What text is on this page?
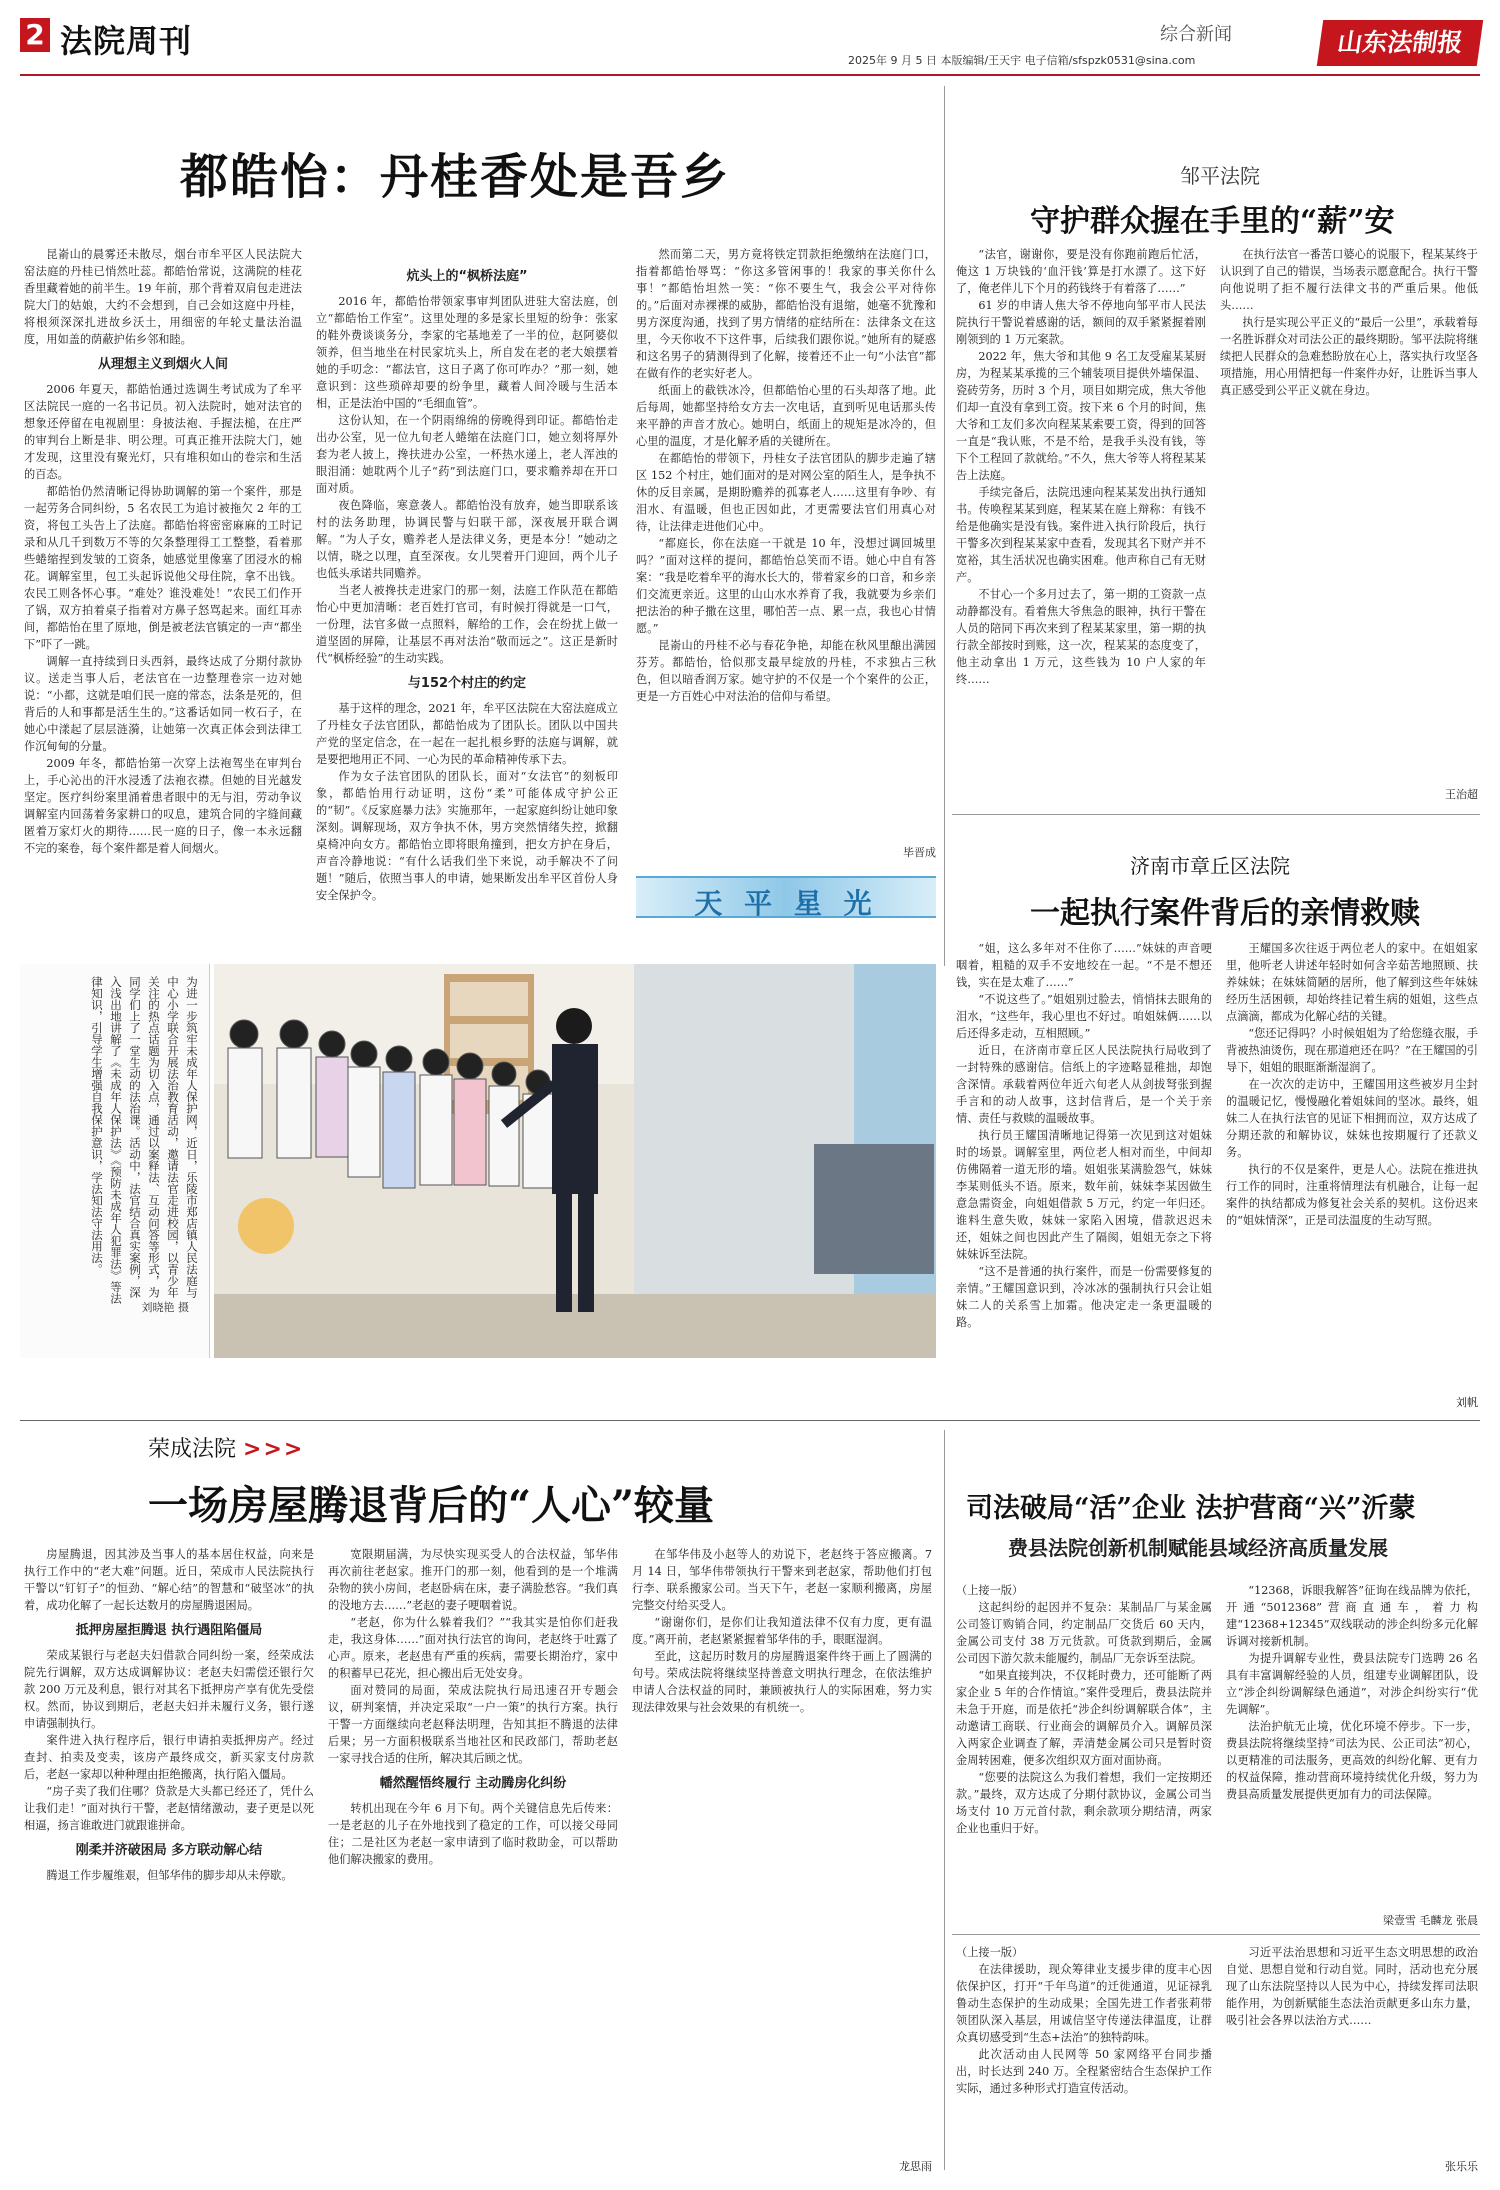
2 法院周刊	综合新闻
2025年 9 月 5 日 本版编辑/王天宇 电子信箱/sfspzk0531@sina.com
山东法制报
都皓怡：丹桂香处是吾乡

昆嵛山的晨雾还未散尽，烟台市牟平区人民法院大窑法庭的丹桂已悄然吐蕊。都皓怡常说，这满院的桂花香里藏着她的前半生。19 年前，那个背着双肩包走进法院大门的姑娘，大约不会想到，自己会如这庭中丹桂，将根须深深扎进故乡沃土，用细密的年轮丈量法治温度，用如盖的荫蔽护佑乡邻和睦。

从理想主义到烟火人间

2006 年夏天，都皓怡通过选调生考试成为了牟平区法院民一庭的一名书记员。初入法院时，她对法官的想象还停留在电视剧里：身披法袍、手握法槌，在庄严的审判台上断是非、明公理。可真正推开法院大门，她才发现，这里没有聚光灯，只有堆积如山的卷宗和生活的百态。

都皓怡仍然清晰记得协助调解的第一个案件，那是一起劳务合同纠纷，5 名农民工为追讨被拖欠 2 年的工资，将包工头告上了法庭。都皓怡将密密麻麻的工时记录和从几千到数万不等的欠条整理得工工整整，看着那些蜷缩捏到发皱的工资条，她感觉里像塞了团浸水的棉花。调解室里，包工头起诉说他父母住院，拿不出钱。农民工则各怀心事。“难处？谁没难处！”农民工们作开了锅，双方拍着桌子指着对方鼻子怒骂起来。面红耳赤间，都皓怡在里了原地，倒是被老法官镇定的一声“都坐下”吓了一跳。

调解一直持续到日头西斜，最终达成了分期付款协议。送走当事人后，老法官在一边整理卷宗一边对她说：“小都，这就是咱们民一庭的常态，法条是死的，但背后的人和事都是活生生的。”这番话如同一枚石子，在她心中漾起了层层涟漪，让她第一次真正体会到法律工作沉甸甸的分量。

2009 年冬，都皓怡第一次穿上法袍驾坐在审判台上，手心沁出的汗水浸透了法袍衣襟。但她的目光越发坚定。医疗纠纷案里涌着患者眼中的无与泪，劳动争议调解室内回荡着务家耕口的叹息，建筑合同的字缝间藏匿着万家灯火的期待……民一庭的日子，像一本永远翻不完的案卷，每个案件都是着人间烟火。

炕头上的“枫桥法庭”

2016 年，都皓怡带领家事审判团队进驻大窑法庭，创立“都皓怡工作室”。这里处理的多是家长里短的纷争：张家的鞋外费谈谈务分，李家的宅基地差了一半的位，赵阿婆似领养，但当地坐在村民家坑头上，所自发在老的老大娘摆着她的手叨念：“都法官，这日子离了你可咋办？”那一刻，她意识到：这些琐碎却要的纷争里，藏着人间冷暖与生活本相，正是法治中国的“毛细血管”。

这份认知，在一个阴雨绵绵的傍晚得到印证。都皓怡走出办公室，见一位九旬老人蜷缩在法庭门口，她立刻将厚外套为老人披上，搀扶进办公室，一杯热水递上，老人浑浊的眼泪涌：她耽两个儿子“药”到法庭门口，要求赡养却在开口面对质。

夜色降临，寒意袭人。都皓怡没有放弃，她当即联系该村的法务助理，协调民警与妇联干部，深夜展开联合调解。“为人子女，赡养老人是法律义务，更是本分！”她动之以情，晓之以理，直至深夜。女儿哭着开门迎回，两个儿子也低头承诺共同赡养。

当老人被搀扶走进家门的那一刻，法庭工作队范在都皓怡心中更加清晰：老百姓打官司，有时候打得就是一口气，一份理，法官多做一点照料，解给的工作，会在纷扰上做一道坚固的屏障，让基层不再对法治“敬而远之”。这正是新时代“枫桥经验”的生动实践。

与152个村庄的约定

基于这样的理念，2021 年，牟平区法院在大窑法庭成立了丹桂女子法官团队，都皓怡成为了团队长。团队以中国共产党的坚定信念，在一起在一起扎根乡野的法庭与调解，就是要把地用正不同、一心为民的革命精神传承下去。

作为女子法官团队的团队长，面对“女法官”的刻板印象，都皓怡用行动证明，这份“柔”可能体成守护公正的“韧”。《反家庭暴力法》实施那年，一起家庭纠纷让她印象深刻。调解现场，双方争执不休，男方突然情绪失控，掀翻桌椅冲向女方。都皓怡立即将眼角撞到，把女方护在身后，声音冷静地说：“有什么话我们坐下来说，动手解决不了问题！”随后，依照当事人的申请，她果断发出牟平区首份人身安全保护令。

然而第二天，男方竟将铁定罚款拒绝缴纳在法庭门口，指着都皓怡辱骂：“你这多管闲事的！我家的事关你什么事！”都皓怡坦然一笑：“你不要生气，我会公平对待你的。”后面对赤裸裸的威胁，都皓怡没有退缩，她毫不犹豫和男方深度沟通，找到了男方情绪的症结所在：法律条文在这里，今天你收不下这件事，后续我们跟你说。”她所有的疑惑和这名男子的猜测得到了化解，接着还不止一句“小法官”都在做有作的老实好老人。

纸面上的截铁冰冷，但都皓怡心里的石头却落了地。此后每周，她都坚持给女方去一次电话，直到听见电话那头传来平静的声音才放心。她明白，纸面上的规矩是冰冷的，但心里的温度，才是化解矛盾的关键所在。

在都皓怡的带领下，丹桂女子法官团队的脚步走遍了辖区 152 个村庄，她们面对的是对网公室的陌生人，是争执不休的反目亲属，是期盼赡养的孤寡老人……这里有争吵、有泪水、有温暖，但也正因如此，才更需要法官们用真心对待，让法律走进他们心中。

“都庭长，你在法庭一干就是 10 年，没想过调回城里吗？”面对这样的提问，都皓怡总笑而不语。她心中自有答案：“我是吃着牟平的海水长大的，带着家乡的口音，和乡亲们交流更亲近。这里的山山水水养育了我，我就要为乡亲们把法治的种子撒在这里，哪怕苦一点、累一点，我也心甘情愿。”

昆嵛山的丹桂不必与春花争艳，却能在秋风里酿出满园芬芳。都皓怡，恰似那支最早绽放的丹桂，不求独占三秋色，但以暗香润万家。她守护的不仅是一个个案件的公正，更是一方百姓心中对法治的信仰与希望。

毕晋成
天 平 星 光
为进一步筑牢未成年人保护网，近日，乐陵市郑店镇人民法庭与中心小学联合开展法治教育活动，邀请法官走进校园，以青少年关注的热点话题为切入点，通过以案释法、互动问答等形式，为同学们上了一堂生动的法治课。活动中，法官结合真实案例，深入浅出地讲解了《未成年人保护法》《预防未成年人犯罪法》等法律知识，引导学生增强自我保护意识，学法知法守法用法。
刘晓艳 摄
邹平法院
守护群众握在手里的“薪”安

“法官，谢谢你，要是没有你跑前跑后忙活，俺这 1 万块钱的‘血汗钱’算是打水漂了。这下好了，俺老伴儿下个月的药钱终于有着落了……”

61 岁的申请人焦大爷不停地向邹平市人民法院执行干警说着感谢的话，额间的双手紧紧握着刚刚领到的 1 万元案款。

2022 年，焦大爷和其他 9 名工友受雇某某厨房，为程某某承揽的三个辅装项目提供外墙保温、瓷砖劳务，历时 3 个月，项目如期完成，焦大爷他们却一直没有拿到工资。按下来 6 个月的时间，焦大爷和工友们多次向程某某索要工资，得到的回答一直是“我认账，不是不给，是我手头没有钱，等下个工程回了款就给。”不久，焦大爷等人将程某某告上法庭。

手续完备后，法院迅速向程某某发出执行通知书。传唤程某某到庭，程某某在庭上辩称：有钱不给是他确实是没有钱。案件进入执行阶段后，执行干警多次到程某某家中查看，发现其名下财产并不宽裕，其生活状况也确实困难。他声称自己有无财产。

不甘心一个多月过去了，第一期的工资款一点动静都没有。看着焦大爷焦急的眼神，执行干警在人员的陪同下再次来到了程某某家里，第一期的执行款全部按时到账，这一次，程某某的态度变了，他主动拿出 1 万元，这些钱为 10 户人家的年终……

在执行法官一番苦口婆心的说服下，程某某终于认识到了自己的错误，当场表示愿意配合。执行干警向他说明了拒不履行法律文书的严重后果。他低头……

执行是实现公平正义的“最后一公里”，承载着每一名胜诉群众对司法公正的最终期盼。邹平法院将继续把人民群众的急难愁盼放在心上，落实执行攻坚各项措施，用心用情把每一件案件办好，让胜诉当事人真正感受到公平正义就在身边。

王治超
济南市章丘区法院
一起执行案件背后的亲情救赎

“姐，这么多年对不住你了……”妹妹的声音哽咽着，粗糙的双手不安地绞在一起。“不是不想还钱，实在是太难了……”

“不说这些了。”姐姐别过脸去，悄悄抹去眼角的泪水，“这些年，我心里也不好过。咱姐妹俩……以后还得多走动，互相照顾。”

近日，在济南市章丘区人民法院执行局收到了一封特殊的感谢信。信纸上的字迹略显稚拙，却饱含深情。承载着两位年近六旬老人从剑拔弩张到握手言和的动人故事，这封信背后，是一个关于亲情、责任与救赎的温暖故事。

执行员王耀国清晰地记得第一次见到这对姐妹时的场景。调解室里，两位老人相对而坐，中间却仿佛隔着一道无形的墙。姐姐张某满脸怨气，妹妹李某则低头不语。原来，数年前，妹妹李某因做生意急需资金，向姐姐借款 5 万元，约定一年归还。谁料生意失败，妹妹一家陷入困境，借款迟迟未还，姐妹之间也因此产生了隔阂，姐姐无奈之下将妹妹诉至法院。

“这不是普通的执行案件，而是一份需要修复的亲情。”王耀国意识到，冷冰冰的强制执行只会让姐妹二人的关系雪上加霜。他决定走一条更温暖的路。

王耀国多次往返于两位老人的家中。在姐姐家里，他听老人讲述年轻时如何含辛茹苦地照顾、扶养妹妹；在妹妹简陋的居所，他了解到这些年妹妹经历生活困顿，却始终挂记着生病的姐姐，这些点点滴滴，都成为化解心结的关键。

“您还记得吗？小时候姐姐为了给您缝衣服，手背被热油烫伤，现在那道疤还在吗？”在王耀国的引导下，姐姐的眼眶渐渐湿润了。

在一次次的走访中，王耀国用这些被岁月尘封的温暖记忆，慢慢融化着姐妹间的坚冰。最终，姐妹二人在执行法官的见证下相拥而泣，双方达成了分期还款的和解协议，妹妹也按期履行了还款义务。

执行的不仅是案件，更是人心。法院在推进执行工作的同时，注重将情理法有机融合，让每一起案件的执结都成为修复社会关系的契机。这份迟来的“姐妹情深”，正是司法温度的生动写照。

刘帆
荣成法院 >>>
一场房屋腾退背后的“人心”较量

房屋腾退，因其涉及当事人的基本居住权益，向来是执行工作中的“老大难”问题。近日，荣成市人民法院执行干警以“钉钉子”的恒劲、“解心结”的智慧和“破坚冰”的执着，成功化解了一起长达数月的房屋腾退困局。

抵押房屋拒腾退 执行遇阻陷僵局

荣成某银行与老赵夫妇借款合同纠纷一案，经荣成法院先行调解，双方达成调解协议：老赵夫妇需偿还银行欠款 200 万元及利息，银行对其名下抵押房产享有优先受偿权。然而，协议到期后，老赵夫妇并未履行义务，银行遂申请强制执行。

案件进入执行程序后，银行申请拍卖抵押房产。经过查封、拍卖及变卖，该房产最终成交，新买家支付房款后，老赵一家却以种种理由拒绝搬离，执行陷入僵局。

“房子卖了我们住哪？贷款是大头都已经还了，凭什么让我们走！”面对执行干警，老赵情绪激动，妻子更是以死相逼，扬言谁敢进门就跟谁拼命。

刚柔并济破困局 多方联动解心结

腾退工作步履维艰，但邹华伟的脚步却从未停歇。

宽限期届满，为尽快实现买受人的合法权益，邹华伟再次前往老赵家。推开门的那一刻，他看到的是一个堆满杂物的狭小房间，老赵卧病在床，妻子满脸愁容。“我们真的没地方去……”老赵的妻子哽咽着说。

“老赵，你为什么躲着我们？”“我其实是怕你们赶我走，我这身体……”面对执行法官的询问，老赵终于吐露了心声。原来，老赵患有严重的疾病，需要长期治疗，家中的积蓄早已花光，担心搬出后无处安身。

面对赞同的局面，荣成法院执行局迅速召开专题会议，研判案情，并决定采取“一户一策”的执行方案。执行干警一方面继续向老赵释法明理，告知其拒不腾退的法律后果；另一方面积极联系当地社区和民政部门，帮助老赵一家寻找合适的住所，解决其后顾之忧。

幡然醒悟终履行 主动腾房化纠纷

转机出现在今年 6 月下旬。两个关键信息先后传来：一是老赵的儿子在外地找到了稳定的工作，可以接父母同住；二是社区为老赵一家申请到了临时救助金，可以帮助他们解决搬家的费用。

在邹华伟及小赵等人的劝说下，老赵终于答应搬离。7 月 14 日，邹华伟带领执行干警来到老赵家，帮助他们打包行李、联系搬家公司。当天下午，老赵一家顺利搬离，房屋完整交付给买受人。

“谢谢你们，是你们让我知道法律不仅有力度，更有温度。”离开前，老赵紧紧握着邹华伟的手，眼眶湿润。

至此，这起历时数月的房屋腾退案件终于画上了圆满的句号。荣成法院将继续坚持善意文明执行理念，在依法维护申请人合法权益的同时，兼顾被执行人的实际困难，努力实现法律效果与社会效果的有机统一。

龙思雨
司法破局“活”企业 法护营商“兴”沂蒙
费县法院创新机制赋能县域经济高质量发展

（上接一版）

这起纠纷的起因并不复杂：某制品厂与某金属公司签订购销合同，约定制品厂交货后 60 天内，金属公司支付 38 万元货款。可货款到期后，金属公司因下游欠款未能履约，制品厂无奈诉至法院。

“如果直接判决，不仅耗时费力，还可能断了两家企业 5 年的合作情谊。”案件受理后，费县法院并未急于开庭，而是依托“涉企纠纷调解联合体”，主动邀请工商联、行业商会的调解员介入。调解员深入两家企业调查了解，弄清楚金属公司只是暂时资金周转困难，便多次组织双方面对面协商。

“您要的法院这么为我们着想，我们一定按期还款。”最终，双方达成了分期付款协议，金属公司当场支付 10 万元首付款，剩余款项分期结清，两家企业也重归于好。

“12368，诉眼我解答”征询在线品牌为依托，开通“5012368”营商直通车，着力构建“12368+12345”双线联动的涉企纠纷多元化解诉调对接新机制。

为提升调解专业性，费县法院专门选聘 26 名具有丰富调解经验的人员，组建专业调解团队，设立“涉企纠纷调解绿色通道”，对涉企纠纷实行“优先调解”。

法治护航无止境，优化环境不停步。下一步，费县法院将继续坚持“司法为民、公正司法”初心，以更精准的司法服务，更高效的纠纷化解、更有力的权益保障，推动营商环境持续优化升级，努力为费县高质量发展提供更加有力的司法保障。

梁壹雪 毛麟龙 张晨

（上接一版）

在法律援助，现众筹律业支援步律的度丰心因依保护区，打开“千年鸟道”的迁徙通道，见证禄乳鲁动生态保护的生动成果；全国先进工作者张莉带领团队深入基层，用诚信坚守传递法律温度，让群众真切感受到“生态+法治”的独特韵味。

此次活动由人民网等 50 家网络平台同步播出，时长达到 240 万。全程紧密结合生态保护工作实际，通过多种形式打造宣传活动。

习近平法治思想和习近平生态文明思想的政治自觉、思想自觉和行动自觉。同时，活动也充分展现了山东法院坚持以人民为中心，持续发挥司法职能作用，为创新赋能生态法治贡献更多山东力量，吸引社会各界以法治方式……

张乐乐
